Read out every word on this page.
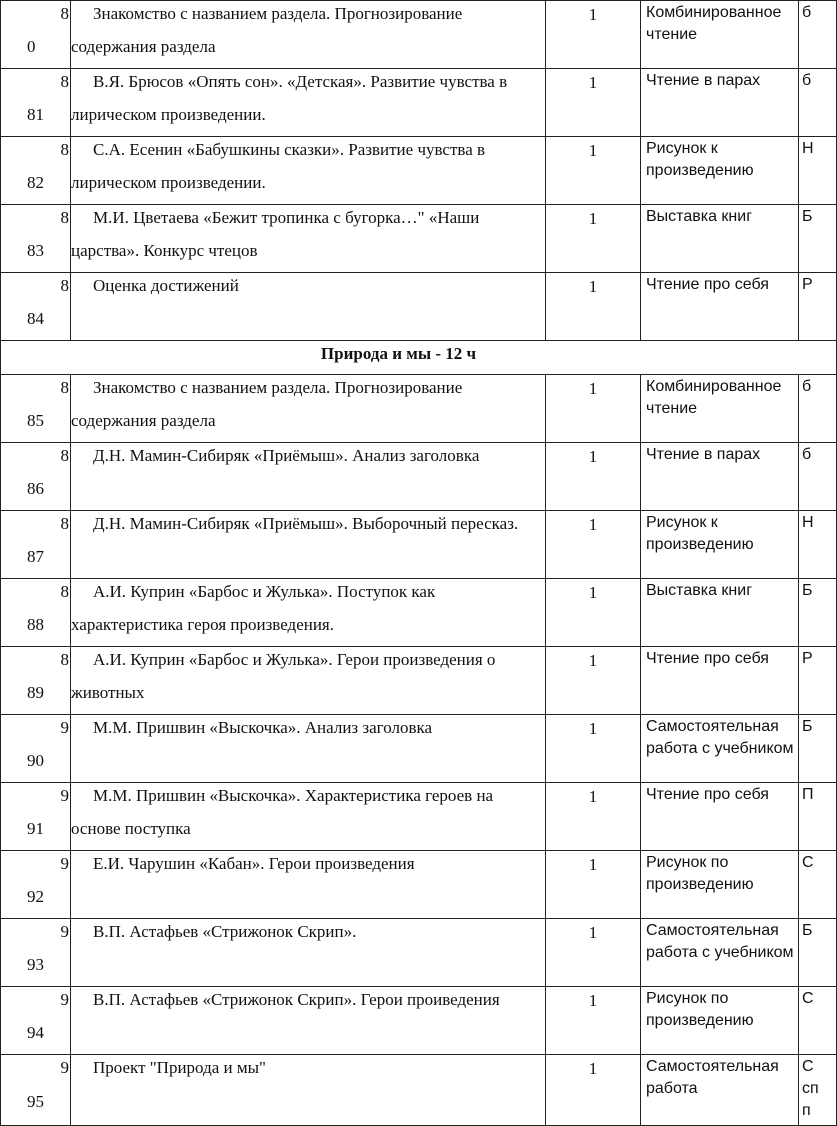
8
0	Знакомство с названием раздела. Прогнозирование содержания раздела	1	Комбинированное чтение	б

8
81	В.Я. Брюсов «Опять сон». «Детская». Развитие чувства в лирическом произведении.	1	Чтение в парах	б

8
82	С.А. Есенин «Бабушкины сказки». Развитие чувства в лирическом произведении.	1	Рисунок к произведению	Н

8
83	М.И. Цветаева «Бежит тропинка с бугорка…" «Наши царства». Конкурс чтецов	1	Выставка книг	Б

8
84	Оценка достижений	1	Чтение про себя	Р
Природа и мы - 12 ч				

8
85	Знакомство с названием раздела. Прогнозирование содержания раздела	1	Комбинированное чтение	б

8
86	Д.Н. Мамин-Сибиряк «Приёмыш». Анализ заголовка	1	Чтение в парах	б

8
87	Д.Н. Мамин-Сибиряк «Приёмыш». Выборочный пересказ.	1	Рисунок к произведению	Н

8
88	А.И. Куприн «Барбос и Жулька». Поступок как характеристика героя произведения.	1	Выставка книг	Б

8
89	А.И. Куприн «Барбос и Жулька». Герои произведения о животных	1	Чтение про себя	Р

9
90	М.М. Пришвин «Выскочка». Анализ заголовка	1	Самостоятельная работа с учебником	Б

9
91	М.М. Пришвин «Выскочка». Характеристика героев на основе поступка	1	Чтение про себя	П

9
92	Е.И. Чарушин «Кабан». Герои произведения	1	Рисунок по произведению	С

9
93	В.П. Астафьев «Стрижонок Скрип».	1	Самостоятельная работа с учебником	Б

9
94	В.П. Астафьев «Стрижонок Скрип». Герои проиведения	1	Рисунок по произведению	С

9
95	Проект "Природа и мы"	1	Самостоятельная работа	С
сп
п
